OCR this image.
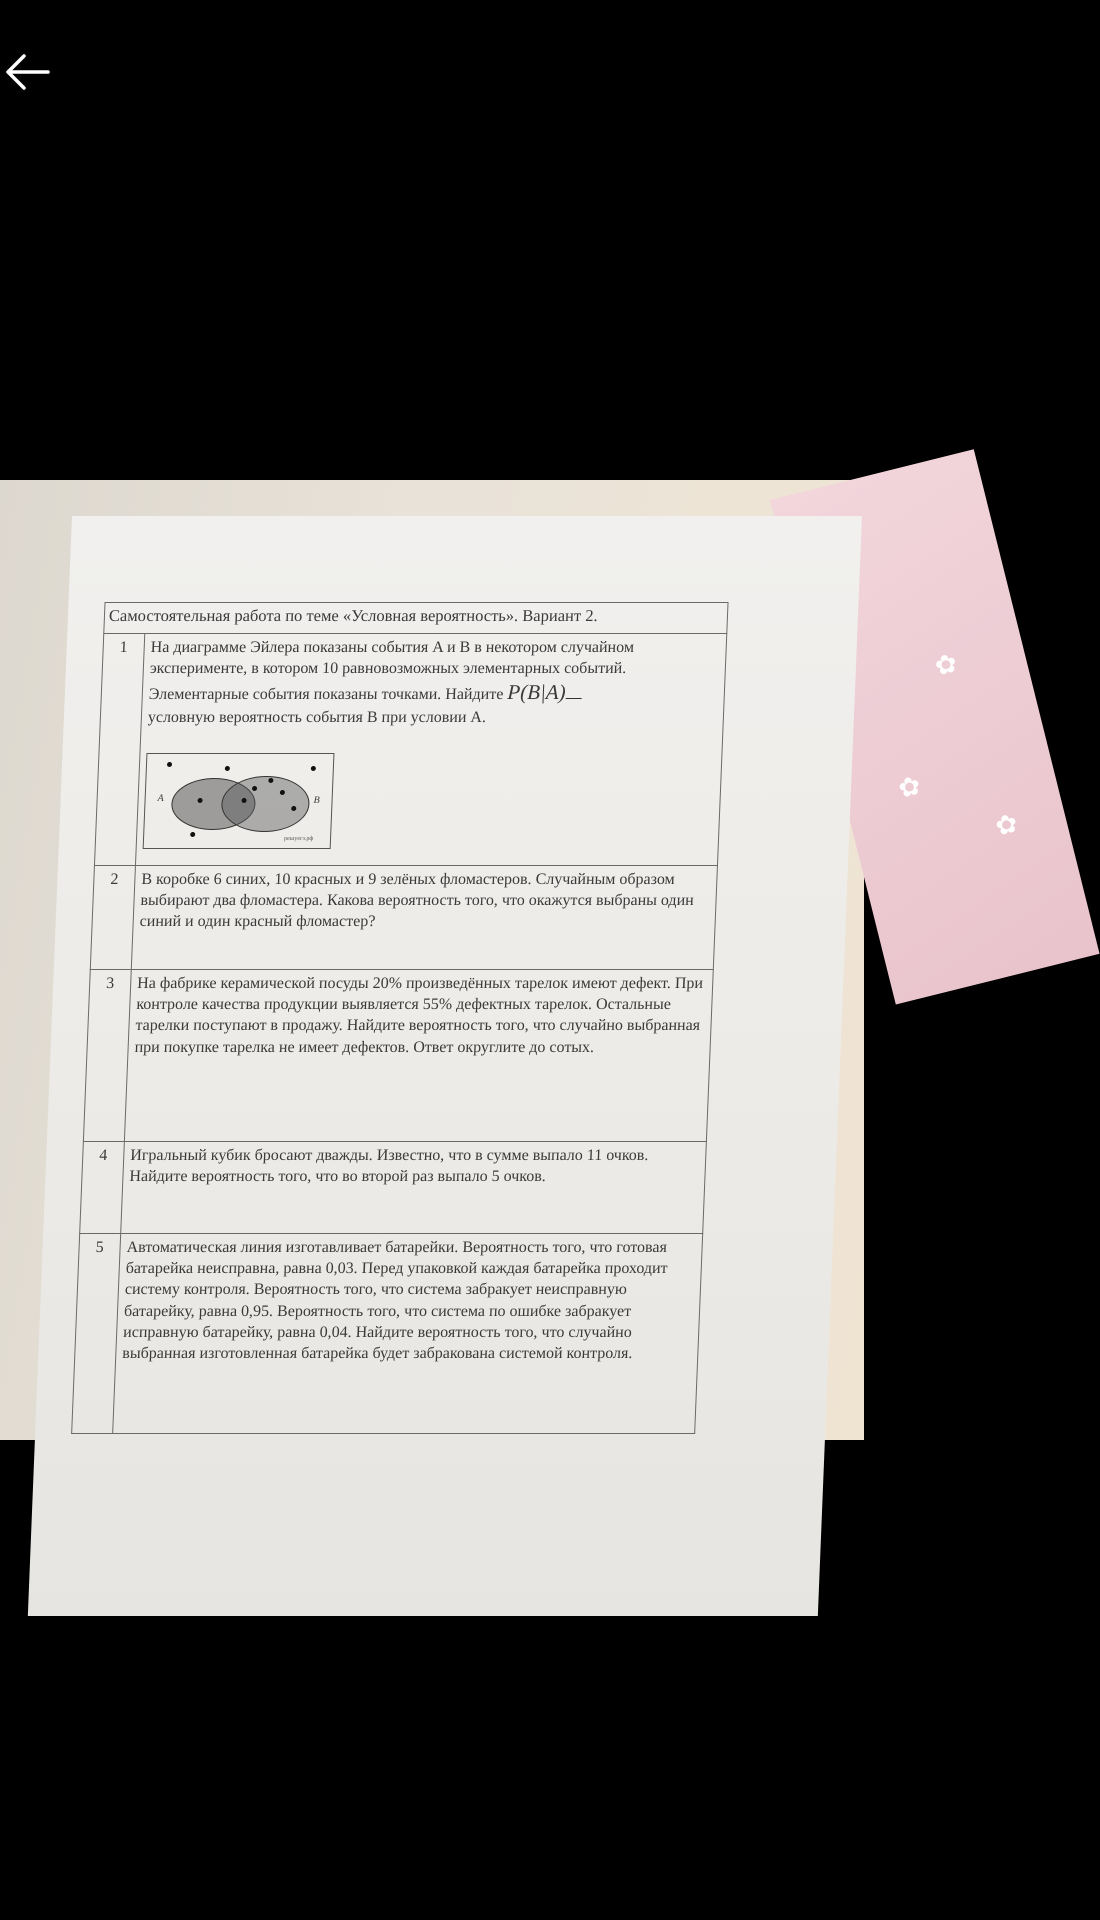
✿
✿
✿
Самостоятельная работа по теме «Условная вероятность». Вариант 2.	
1	На диаграмме Эйлера показаны события A и B в некотором случайном эксперименте, в котором 10 равновозможных элементарных событий. Элементарные события показаны точками. Найдите P(B|A)
условную вероятность события B при условии A.
A B
решуегэ.рф

2	В коробке 6 синих, 10 красных и 9 зелёных фломастеров. Случайным образом выбирают два фломастера. Какова вероятность того, что окажутся выбраны один синий и один красный фломастер?
3	На фабрике керамической посуды 20% произведённых тарелок имеют дефект. При контроле качества продукции выявляется 55% дефектных тарелок. Остальные тарелки поступают в продажу. Найдите вероятность того, что случайно выбранная при покупке тарелка не имеет дефектов. Ответ округлите до сотых.
4	Игральный кубик бросают дважды. Известно, что в сумме выпало 11 очков. Найдите вероятность того, что во второй раз выпало 5 очков.
5	Автоматическая линия изготавливает батарейки. Вероятность того, что готовая батарейка неисправна, равна 0,03. Перед упаковкой каждая батарейка проходит систему контроля. Вероятность того, что система забракует неисправную батарейку, равна 0,95. Вероятность того, что система по ошибке забракует исправную батарейку, равна 0,04. Найдите вероятность того, что случайно выбранная изготовленная батарейка будет забракована системой контроля.
